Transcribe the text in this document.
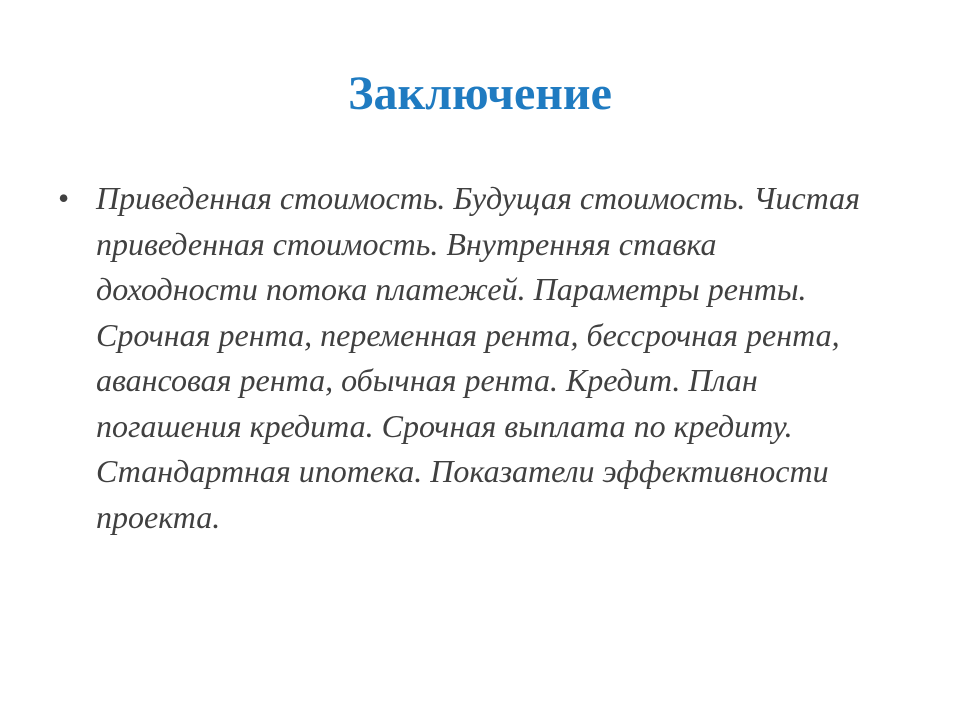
Заключение
• Приведенная стоимость. Будущая стоимость. Чистая приведенная стоимость. Внутренняя ставка доходности потока платежей. Параметры ренты. Срочная рента, переменная рента, бессрочная рента, авансовая рента, обычная рента. Кредит. План погашения кредита. Срочная выплата по кредиту. Стандартная ипотека. Показатели эффективности проекта.
